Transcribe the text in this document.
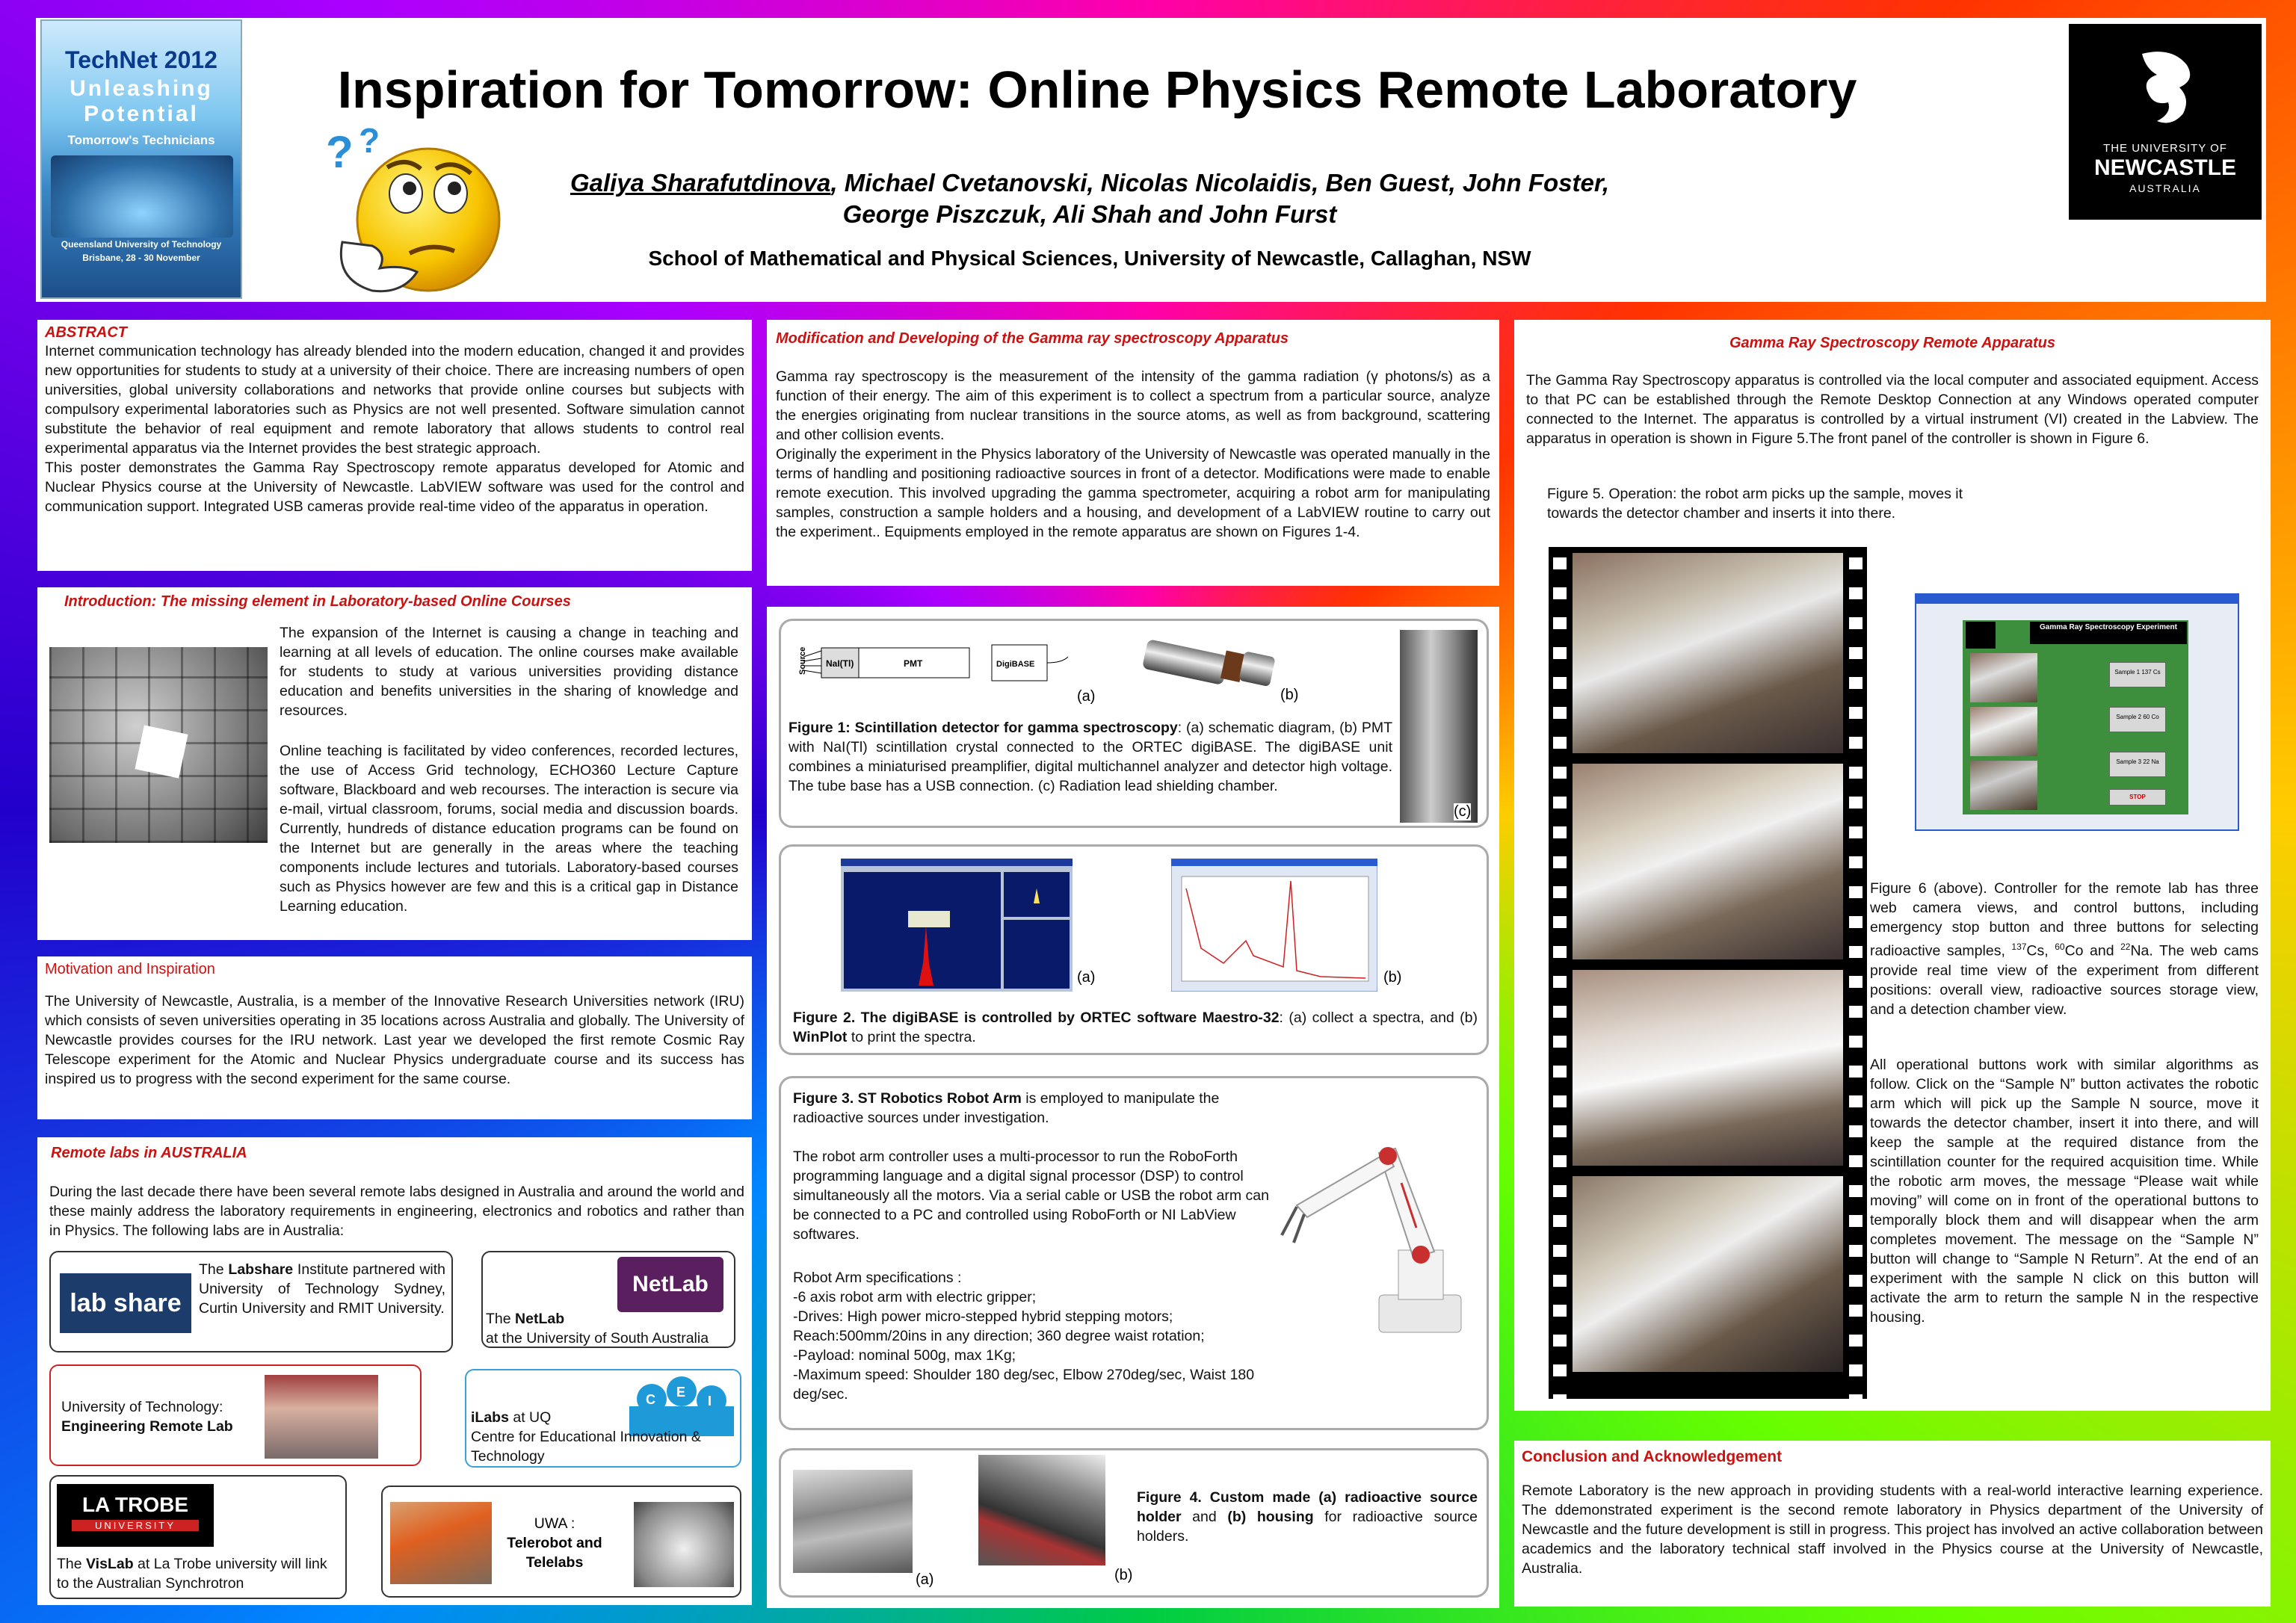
TechNet 2012
Unleashing
Potential
Tomorrow's Technicians
Queensland University of Technology
Brisbane, 28 - 30 November
? ?
Inspiration for Tomorrow: Online Physics Remote Laboratory
Galiya Sharafutdinova, Michael Cvetanovski, Nicolas Nicolaidis, Ben Guest, John Foster,
George Piszczuk, Ali Shah and John Furst
School of Mathematical and Physical Sciences, University of Newcastle, Callaghan, NSW
THE UNIVERSITY OF
NEWCASTLE
AUSTRALIA
ABSTRACT
Internet communication technology has already blended into the modern education, changed it and provides new opportunities for students to study at a university of their choice. There are increasing numbers of open universities, global university collaborations and networks that provide online courses but subjects with compulsory experimental laboratories such as Physics are not well presented. Software simulation cannot substitute the behavior of real equipment and remote laboratory that allows students to control real experimental apparatus via the Internet provides the best strategic approach.
This poster demonstrates the Gamma Ray Spectroscopy remote apparatus developed for Atomic and Nuclear Physics course at the University of Newcastle. LabVIEW software was used for the control and communication support. Integrated USB cameras provide real-time video of the apparatus in operation.
Introduction: The missing element in Laboratory-based Online Courses
The expansion of the Internet is causing a change in teaching and learning at all levels of education. The online courses make available for students to study at various universities providing distance education and benefits universities in the sharing of knowledge and resources.
Online teaching is facilitated by video conferences, recorded lectures, the use of Access Grid technology, ECHO360 Lecture Capture software, Blackboard and web recourses. The interaction is secure via e-mail, virtual classroom, forums, social media and discussion boards. Currently, hundreds of distance education programs can be found on the Internet but are generally in the areas where the teaching components include lectures and tutorials. Laboratory-based courses such as Physics however are few and this is a critical gap in Distance Learning education.
Motivation and Inspiration
The University of Newcastle, Australia, is a member of the Innovative Research Universities network (IRU) which consists of seven universities operating in 35 locations across Australia and globally. The University of Newcastle provides courses for the IRU network. Last year we developed the first remote Cosmic Ray Telescope experiment for the Atomic and Nuclear Physics undergraduate course and its success has inspired us to progress with the second experiment for the same course.
Remote labs in AUSTRALIA
During the last decade there have been several remote labs designed in Australia and around the world and these mainly address the laboratory requirements in engineering, electronics and robotics and rather than in Physics. The following labs are in Australia:
lab share
The Labshare Institute partnered with University of Technology Sydney, Curtin University and RMIT University.
NetLab
The NetLab
at the University of South Australia
University of Technology:
Engineering Remote Lab
C E
I
iLabs at UQ
Centre for Educational Innovation & Technology
LA TROBE
UNIVERSITY
The VisLab at La Trobe university will link to the Australian Synchrotron
UWA :
Telerobot and
Telelabs
Modification and Developing of the Gamma ray spectroscopy Apparatus
Gamma ray spectroscopy is the measurement of the intensity of the gamma radiation (γ photons/s) as a function of their energy. The aim of this experiment is to collect a spectrum from a particular source, analyze the energies originating from nuclear transitions in the source atoms, as well as from background, scattering and other collision events.
Originally the experiment in the Physics laboratory of the University of Newcastle was operated manually in the terms of handling and positioning radioactive sources in front of a detector. Modifications were made to enable remote execution. This involved upgrading the gamma spectrometer, acquiring a robot arm for manipulating samples, construction a sample holders and a housing, and development of a LabVIEW routine to carry out the experiment.. Equipments employed in the remote apparatus are shown on Figures 1-4.
Source NaI(Tl)	PMT	DigiBASE
(a)	(b)
(c)
Figure 1: Scintillation detector for gamma spectroscopy: (a) schematic diagram, (b) PMT with NaI(Tl) scintillation crystal connected to the ORTEC digiBASE. The digiBASE unit combines a miniaturised preamplifier, digital multichannel analyzer and detector high voltage. The tube base has a USB connection. (c) Radiation lead shielding chamber.
(a)	(b)
Figure 2. The digiBASE is controlled by ORTEC software Maestro-32: (a) collect a spectra, and (b) WinPlot to print the spectra.
Figure 3. ST Robotics Robot Arm is employed to manipulate the radioactive sources under investigation.
The robot arm controller uses a multi-processor to run the RoboForth programming language and a digital signal processor (DSP) to control simultaneously all the motors. Via a serial cable or USB the robot arm can be connected to a PC and controlled using RoboForth or NI LabView softwares.
Robot Arm specifications :
-6 axis robot arm with electric gripper;
-Drives: High power micro-stepped hybrid stepping motors;
Reach:500mm/20ins in any direction; 360 degree waist rotation;
-Payload: nominal 500g, max 1Kg;
-Maximum speed: Shoulder 180 deg/sec, Elbow 270deg/sec, Waist 180 deg/sec.
(a)	(b)
Figure 4. Custom made (a) radioactive source holder and (b) housing for radioactive source holders.
Gamma Ray Spectroscopy Remote Apparatus
The Gamma Ray Spectroscopy apparatus is controlled via the local computer and associated equipment. Access to that PC can be established through the Remote Desktop Connection at any Windows operated computer connected to the Internet. The apparatus is controlled by a virtual instrument (VI) created in the Labview. The apparatus in operation is shown in Figure 5.The front panel of the controller is shown in Figure 6.
Figure 5. Operation: the robot arm picks up the sample, moves it towards the detector chamber and inserts it into there.
Gamma Ray Spectroscopy Experiment
Sample 1 137 Cs
Sample 2 60 Co
Sample 3 22 Na
STOP
Figure 6 (above). Controller for the remote lab has three web camera views, and control buttons, including emergency stop button and three buttons for selecting radioactive samples, $^{137}$Cs, $^{60}$Co and $^{22}$Na. The web cams provide real time view of the experiment from different positions: overall view, radioactive sources storage view, and a detection chamber view.
All operational buttons work with similar algorithms as follow. Click on the “Sample N” button activates the robotic arm which will pick up the Sample N source, move it towards the detector chamber, insert it into there, and will keep the sample at the required distance from the scintillation counter for the required acquisition time. While the robotic arm moves, the message “Please wait while moving” will come on in front of the operational buttons to temporally block them and will disappear when the arm completes movement. The message on the “Sample N” button will change to “Sample N Return”. At the end of an experiment with the sample N click on this button will activate the arm to return the sample N in the respective housing.
Conclusion and Acknowledgement
Remote Laboratory is the new approach in providing students with a real-world interactive learning experience. The ddemonstrated experiment is the second remote laboratory in Physics department of the University of Newcastle and the future development is still in progress. This project has involved an active collaboration between academics and the laboratory technical staff involved in the Physics course at the University of Newcastle, Australia.
